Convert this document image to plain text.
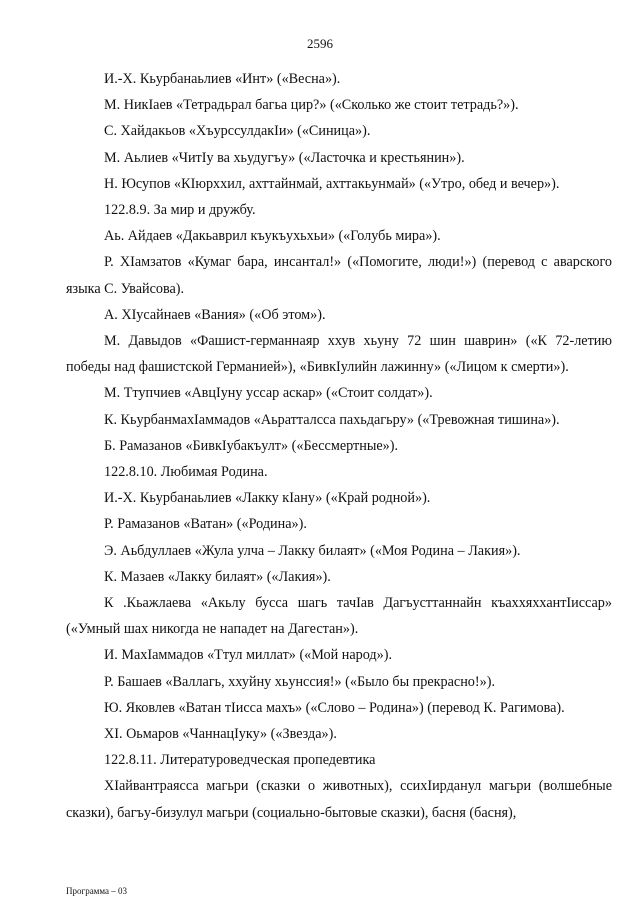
2596

И.-Х. Кьурбанаьлиев «Инт» («Весна»).

М. НикIаев «Тетрадьрал багьа цир?» («Сколько же стоит тетрадь?»).

С. Хайдакьов «ХъурссулдакIи» («Синица»).

М. Аьлиев «ЧитIу ва хьудугъу» («Ласточка и крестьянин»).

Н. Юсупов «КIюрххил, ахттайнмай, ахттакьунмай» («Утро, обед и вечер»).

122.8.9. За мир и дружбу.

Аь. Айдаев «Дакьаврил къукъухьхьи» («Голубь мира»).

Р. ХIамзатов «Кумаг бара, инсантал!» («Помогите, люди!») (перевод с аварского языка С. Увайсова).

А. ХIусайнаев «Вания» («Об этом»).

М. Давыдов «Фашист-германнаяр ххув хьуну 72 шин шаврин» («К 72-летию победы над фашистской Германией»), «БивкIулийн лажинну» («Лицом к смерти»).

М. Ттупчиев «АвцIуну уссар аскар» («Стоит солдат»).

К. КьурбанмахIаммадов «Аьратталсса пахьдагьру» («Тревожная тишина»).

Б. Рамазанов «БивкIубакъулт» («Бессмертные»).

122.8.10. Любимая Родина.

И.-Х. Кьурбанаьлиев «Лакку кIану» («Край родной»).

Р. Рамазанов «Ватан» («Родина»).

Э. Аьбдуллаев «Жула улча – Лакку билаят» («Моя Родина – Лакия»).

К. Мазаев «Лакку билаят» («Лакия»).

К .Кьажлаева «Акьлу бусса шагь тачIав Дагъусттаннайн къаххяххантIиссар» («Умный шах никогда не нападет на Дагестан»).

И. МахIаммадов «Ттул миллат» («Мой народ»).

Р. Башаев «Валлагь, ххуйну хьунссия!» («Было бы прекрасно!»).

Ю. Яковлев «Ватан тIисса махъ» («Слово – Родина») (перевод К. Рагимова).

ХI. Оьмаров «ЧаннацIуку» («Звезда»).

122.8.11. Литературоведческая пропедевтика

ХIайвантраясса магьри (сказки о животных), ссихIирданул магьри (волшебные сказки), багъу-бизулул магьри (социально-бытовые сказки), басня (басня),

Программа – 03
